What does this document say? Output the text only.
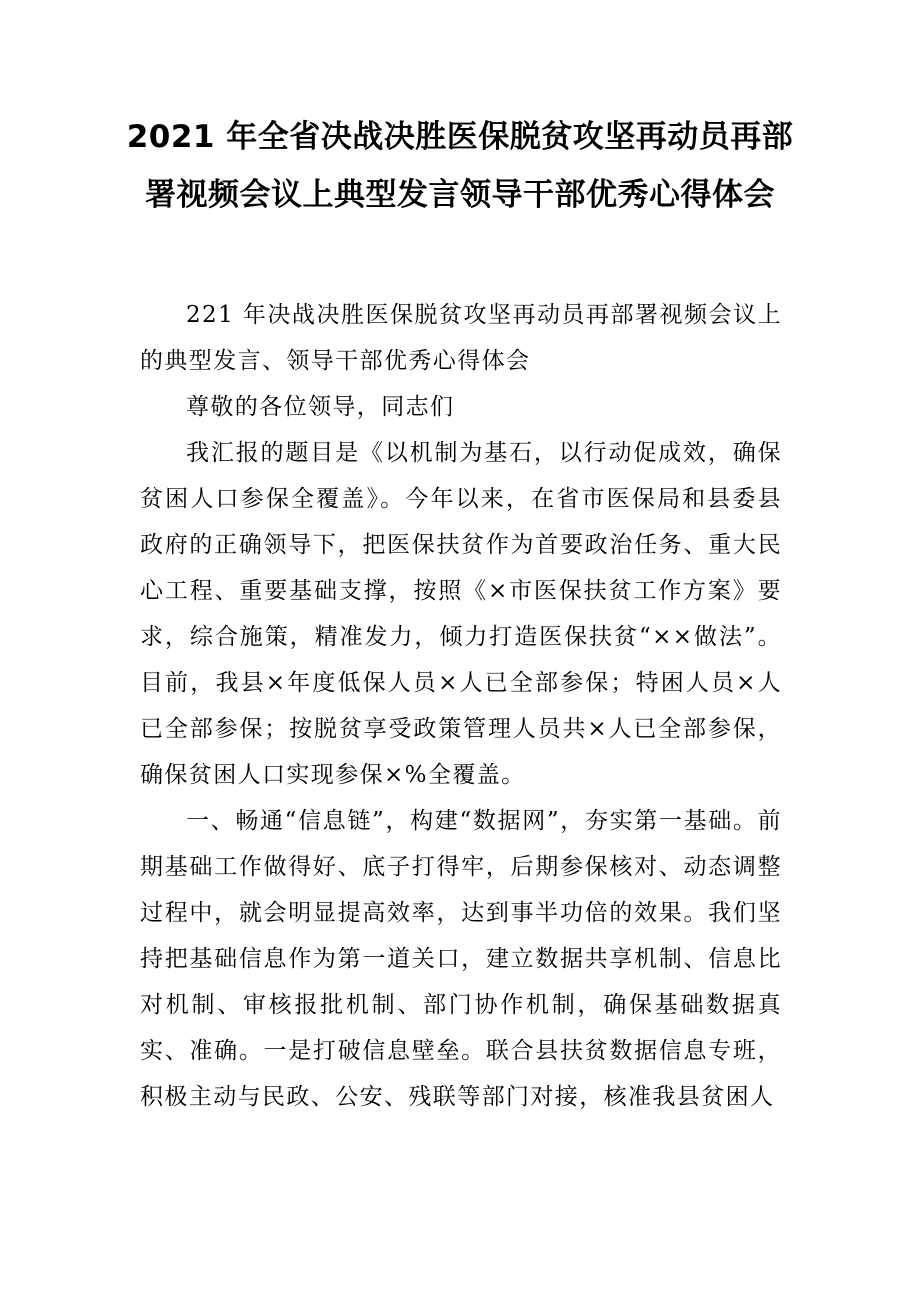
2021 年全省决战决胜医保脱贫攻坚再动员再部署视频会议上典型发言领导干部优秀心得体会

221 年决战决胜医保脱贫攻坚再动员再部署视频会议上的典型发言、领导干部优秀心得体会

尊敬的各位领导，同志们

我汇报的题目是《以机制为基石，以行动促成效，确保贫困人口参保全覆盖》。今年以来，在省市医保局和县委县政府的正确领导下，把医保扶贫作为首要政治任务、重大民心工程、重要基础支撑，按照《×市医保扶贫工作方案》要求，综合施策，精准发力，倾力打造医保扶贫“××做法”。目前，我县×年度低保人员×人已全部参保；特困人员×人已全部参保；按脱贫享受政策管理人员共×人已全部参保，确保贫困人口实现参保×%全覆盖。

一、畅通“信息链”，构建“数据网”，夯实第一基础。前期基础工作做得好、底子打得牢，后期参保核对、动态调整过程中，就会明显提高效率，达到事半功倍的效果。我们坚持把基础信息作为第一道关口，建立数据共享机制、信息比对机制、审核报批机制、部门协作机制，确保基础数据真实、准确。一是打破信息壁垒。联合县扶贫数据信息专班，积极主动与民政、公安、残联等部门对接，核准我县贫困人
